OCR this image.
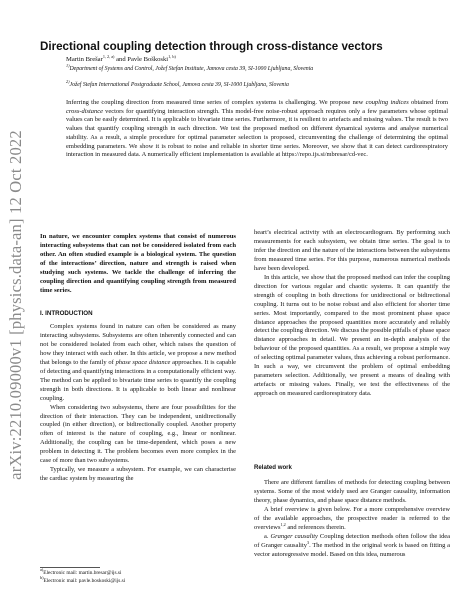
arXiv:2210.09000v1 [physics.data-an] 12 Oct 2022
Directional coupling detection through cross-distance vectors

Martin Brešar$^{1, 2, a)}$ and Pavle Boškoski$^{1, b)}$

$^{1)}$Department of Systems and Control, Jožef Stefan Institute, Jamova cesta 39, SI-1000 Ljubljana, Slovenia

$^{2)}$Jožef Stefan International Postgraduate School, Jamova cesta 39, SI-1000 Ljubljana, Slovenia

Inferring the coupling direction from measured time series of complex systems is challenging. We propose new coupling indices obtained from cross-distance vectors for quantifying interaction strength. This model-free noise-robust approach requires only a few parameters whose optimal values can be easily determined. It is applicable to bivariate time series. Furthermore, it is resilient to artefacts and missing values. The result is two values that quantify coupling strength in each direction. We test the proposed method on different dynamical systems and analyse numerical stability. As a result, a simple procedure for optimal parameter selection is proposed, circumventing the challenge of determining the optimal embedding parameters. We show it is robust to noise and reliable in shorter time series. Moreover, we show that it can detect cardiorespiratory interaction in measured data. A numerically efficient implementation is available at https://repo.ijs.si/mbresar/cd-vec.

In nature, we encounter complex systems that consist of numerous interacting subsystems that can not be considered isolated from each other. An often studied example is a biological system. The question of the interactions’ direction, nature and strength is raised when studying such systems. We tackle the challenge of inferring the coupling direction and quantifying coupling strength from measured time series.

I. INTRODUCTION

Complex systems found in nature can often be considered as many interacting subsystems. Subsystems are often inherently connected and can not be considered isolated from each other, which raises the question of how they interact with each other. In this article, we propose a new method that belongs to the family of phase space distance approaches. It is capable of detecting and quantifying interactions in a computationally efficient way. The method can be applied to bivariate time series to quantify the coupling strength in both directions. It is applicable to both linear and nonlinear coupling.

When considering two subsystems, there are four possibilities for the direction of their interaction. They can be independent, unidirectionally coupled (in either direction), or bidirectionally coupled. Another property often of interest is the nature of coupling, e.g., linear or nonlinear. Additionally, the coupling can be time-dependent, which poses a new problem in detecting it. The problem becomes even more complex in the case of more than two subsystems.

Typically, we measure a subsystem. For example, we can characterise the cardiac system by measuring the

heart’s electrical activity with an electrocardiogram. By performing such measurements for each subsystem, we obtain time series. The goal is to infer the direction and the nature of the interactions between the subsystems from measured time series. For this purpose, numerous numerical methods have been developed.

In this article, we show that the proposed method can infer the coupling direction for various regular and chaotic systems. It can quantify the strength of coupling in both directions for unidirectional or bidirectional coupling. It turns out to be noise robust and also efficient for shorter time series. Most importantly, compared to the most prominent phase space distance approaches the proposed quantities more accurately and reliably detect the coupling direction. We discuss the possible pitfalls of phase space distance approaches in detail. We present an in-depth analysis of the behaviour of the proposed quantities. As a result, we propose a simple way of selecting optimal parameter values, thus achieving a robust performance. In such a way, we circumvent the problem of optimal embedding parameters selection. Additionally, we present a means of dealing with artefacts or missing values. Finally, we test the effectiveness of the approach on measured cardiorespiratory data.

Related work

There are different families of methods for detecting coupling between systems. Some of the most widely used are Granger causality, information theory, phase dynamics, and phase space distance methods.

A brief overview is given below. For a more comprehensive overview of the available approaches, the prospective reader is referred to the overviews$^{1,2}$ and references therein.

a. Granger causality Coupling detection methods often follow the idea of Granger causality$^3$. The method in the original work is based on fitting a vector autoregressive model. Based on this idea, numerous

$^{a)}$Electronic mail: martin.bresar@ijs.si
$^{b)}$Electronic mail: pavle.boskoski@ijs.si
